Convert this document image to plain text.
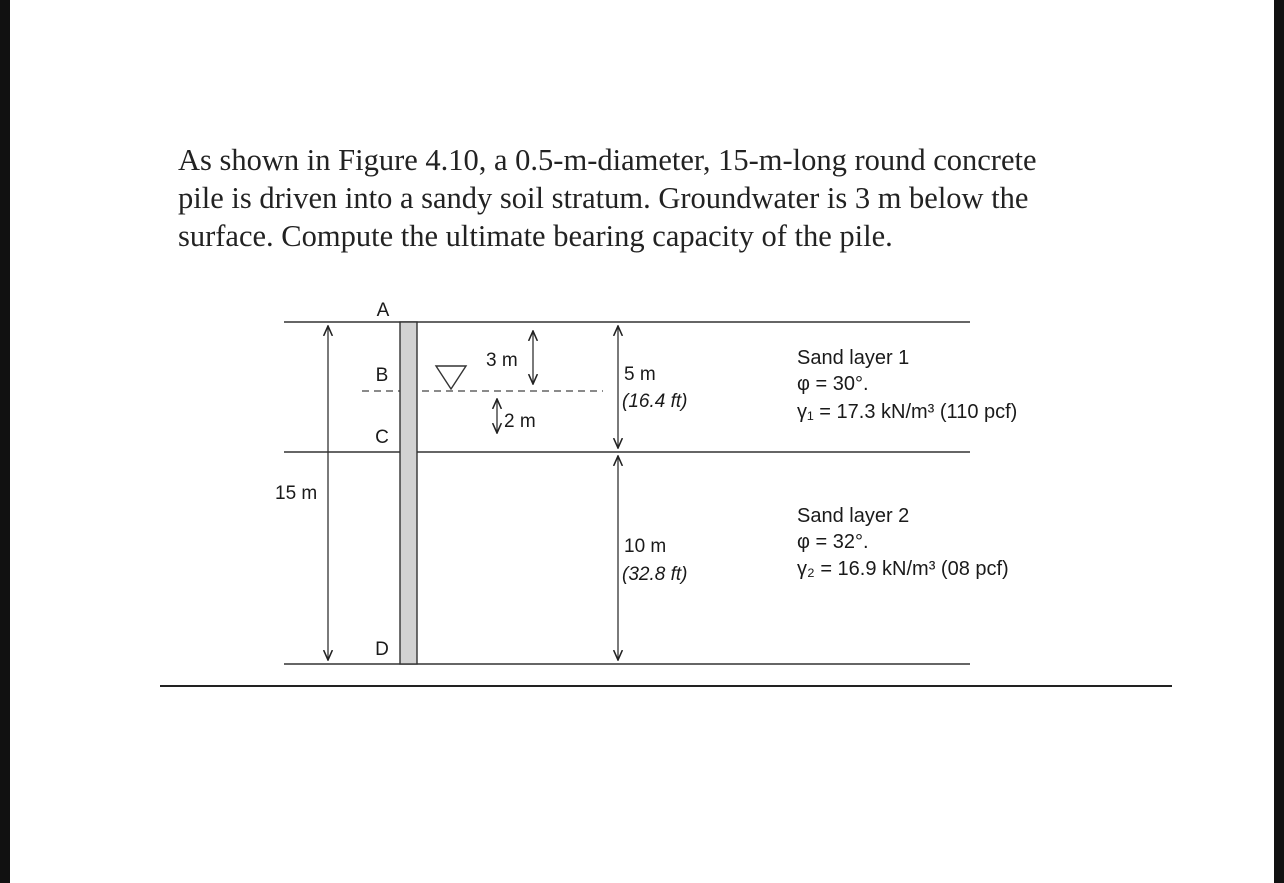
As shown in Figure 4.10, a 0.5-m-diameter, 15-m-long round concrete
pile is driven into a sandy soil stratum. Groundwater is 3 m below the
surface. Compute the ultimate bearing capacity of the pile.
A
B
C
D
15 m
3 m
2 m
5 m
(16.4 ft)
10 m
(32.8 ft)
Sand layer 1
φ = 30°.
γ₁ = 17.3 kN/m³ (110 pcf)
Sand layer 2
φ = 32°.
γ₂ = 16.9 kN/m³ (08 pcf)
